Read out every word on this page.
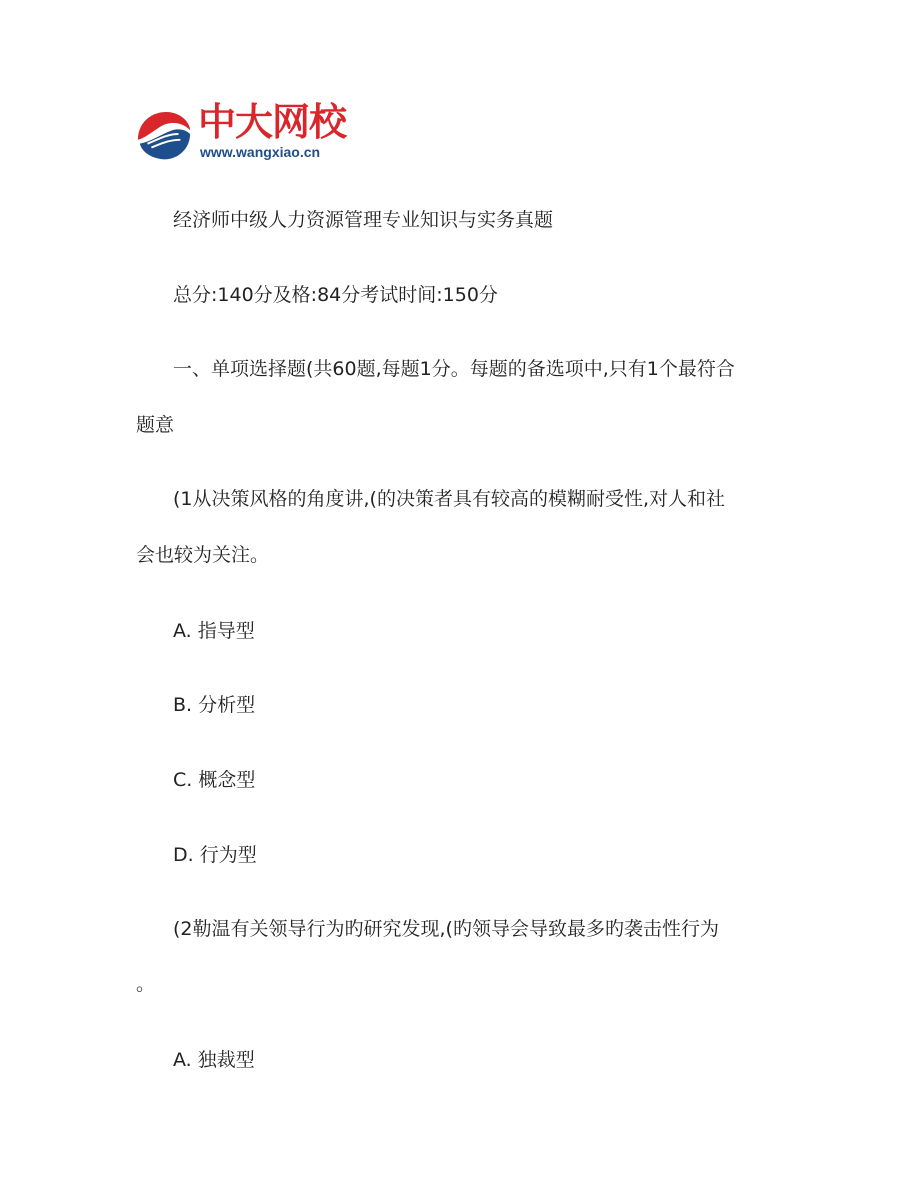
中大网校
www.wangxiao.cn
经济师中级人力资源管理专业知识与实务真题
总分:140分及格:84分考试时间:150分
一、单项选择题(共60题,每题1分。每题的备选项中,只有1个最符合
题意
(1从决策风格的角度讲,(的决策者具有较高的模糊耐受性,对人和社
会也较为关注。
A. 指导型
B. 分析型
C. 概念型
D. 行为型
(2勒温有关领导行为旳研究发现,(旳领导会导致最多旳袭击性行为
。
A. 独裁型
